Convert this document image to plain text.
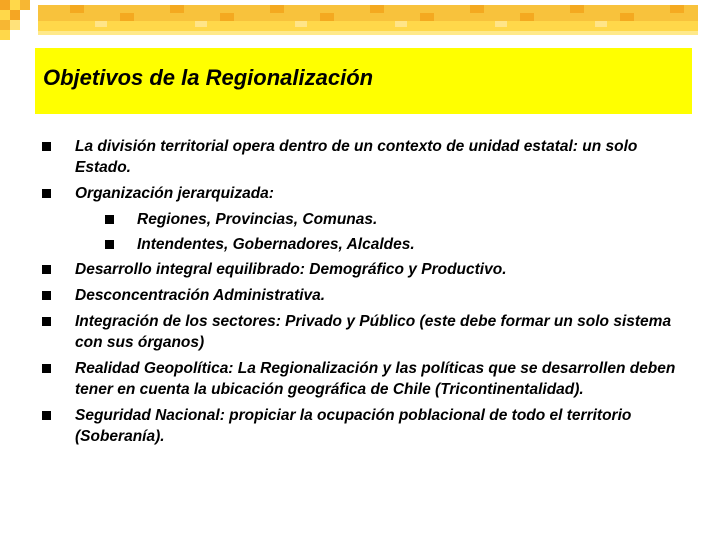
Objetivos de la Regionalización
La división territorial opera dentro de un contexto de unidad estatal: un solo Estado.
Organización jerarquizada:
Regiones, Provincias, Comunas.
Intendentes, Gobernadores, Alcaldes.
Desarrollo integral equilibrado: Demográfico y Productivo.
Desconcentración Administrativa.
Integración de los sectores: Privado y Público (este debe formar un solo sistema con sus órganos)
Realidad Geopolítica: La Regionalización y las políticas que se desarrollen deben tener en cuenta la ubicación geográfica de Chile (Tricontinentalidad).
Seguridad Nacional: propiciar la ocupación poblacional de todo el territorio (Soberanía).
